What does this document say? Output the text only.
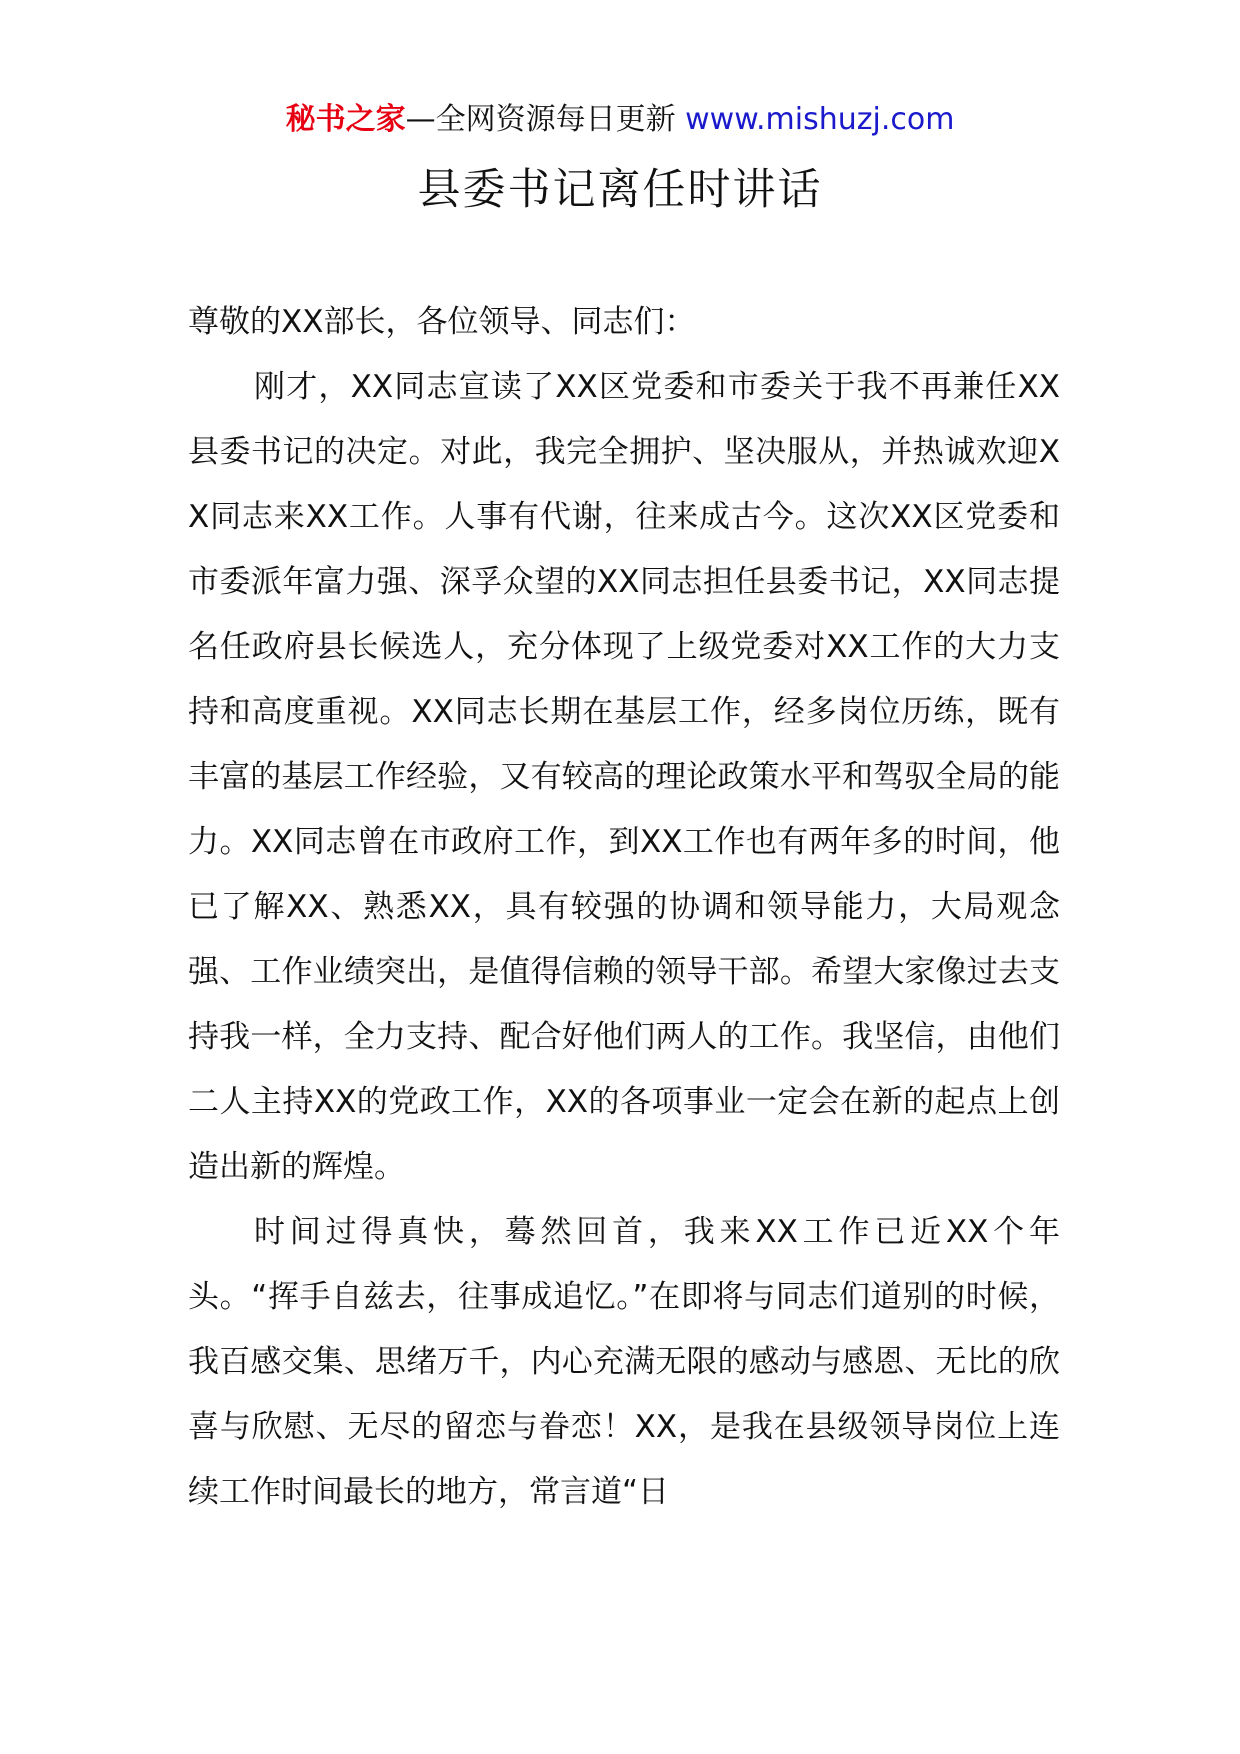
秘书之家—全网资源每日更新 www.mishuzj.com
县委书记离任时讲话

尊敬的XX部长，各位领导、同志们：

刚才，XX同志宣读了XX区党委和市委关于我不再兼任XX县委书记的决定。对此，我完全拥护、坚决服从，并热诚欢迎XX同志来XX工作。人事有代谢，往来成古今。这次XX区党委和市委派年富力强、深孚众望的XX同志担任县委书记，XX同志提名任政府县长候选人，充分体现了上级党委对XX工作的大力支持和高度重视。XX同志长期在基层工作，经多岗位历练，既有丰富的基层工作经验，又有较高的理论政策水平和驾驭全局的能力。XX同志曾在市政府工作，到XX工作也有两年多的时间，他已了解XX、熟悉XX，具有较强的协调和领导能力，大局观念强、工作业绩突出，是值得信赖的领导干部。希望大家像过去支持我一样，全力支持、配合好他们两人的工作。我坚信，由他们二人主持XX的党政工作，XX的各项事业一定会在新的起点上创造出新的辉煌。

时间过得真快，蓦然回首，我来XX工作已近XX个年头。“挥手自兹去，往事成追忆。”在即将与同志们道别的时候，我百感交集、思绪万千，内心充满无限的感动与感恩、无比的欣喜与欣慰、无尽的留恋与眷恋！XX，是我在县级领导岗位上连续工作时间最长的地方，常言道“日
